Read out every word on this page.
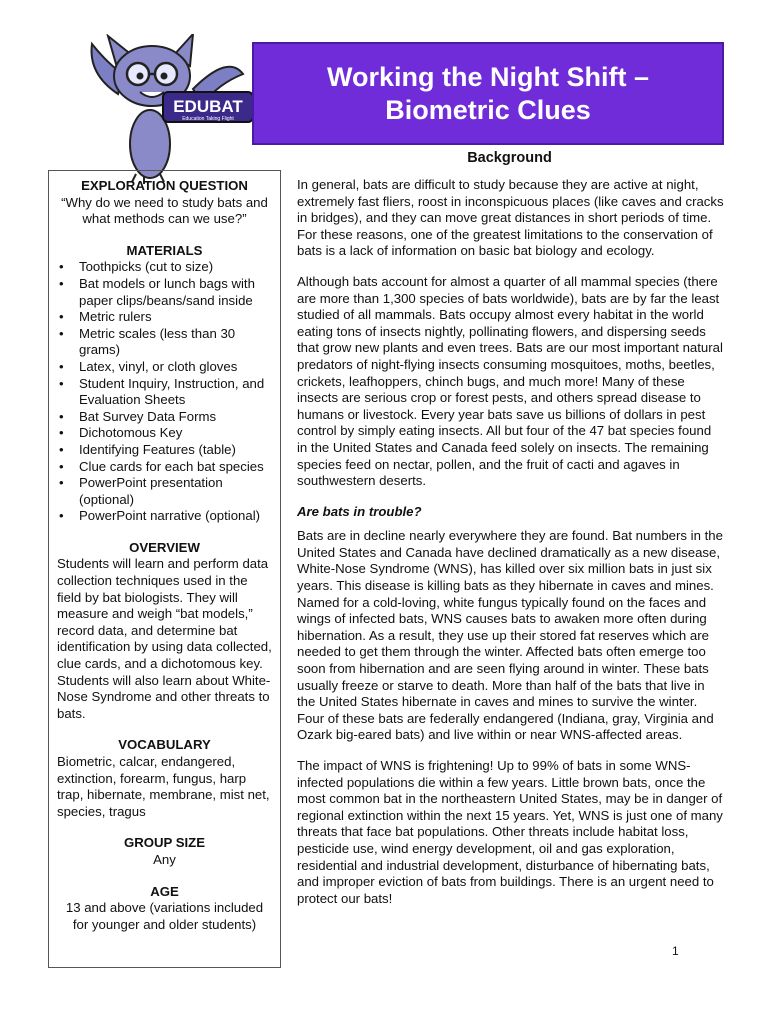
EDUBAT
Education Taking Flight
Working the Night Shift –
Biometric Clues
Background
EXPLORATION QUESTION
“Why do we need to study bats and what methods can we use?”
MATERIALS
• Toothpicks (cut to size)
• Bat models or lunch bags with paper clips/beans/sand inside
• Metric rulers
• Metric scales (less than 30 grams)
• Latex, vinyl, or cloth gloves
• Student Inquiry, Instruction, and Evaluation Sheets
• Bat Survey Data Forms
• Dichotomous Key
• Identifying Features (table)
• Clue cards for each bat species
• PowerPoint presentation (optional)
• PowerPoint narrative (optional)
OVERVIEW
Students will learn and perform data collection techniques used in the field by bat biologists. They will measure and weigh “bat models,” record data, and determine bat identification by using data collected, clue cards, and a dichotomous key. Students will also learn about White-Nose Syndrome and other threats to bats.
VOCABULARY
Biometric, calcar, endangered, extinction, forearm, fungus, harp trap, hibernate, membrane, mist net, species, tragus
GROUP SIZE
Any
AGE
13 and above (variations included for younger and older students)

In general, bats are difficult to study because they are active at night, extremely fast fliers, roost in inconspicuous places (like caves and cracks in bridges), and they can move great distances in short periods of time. For these reasons, one of the greatest limitations to the conservation of bats is a lack of information on basic bat biology and ecology.

Although bats account for almost a quarter of all mammal species (there are more than 1,300 species of bats worldwide), bats are by far the least studied of all mammals. Bats occupy almost every habitat in the world eating tons of insects nightly, pollinating flowers, and dispersing seeds that grow new plants and even trees. Bats are our most important natural predators of night-flying insects consuming mosquitoes, moths, beetles, crickets, leafhoppers, chinch bugs, and much more! Many of these insects are serious crop or forest pests, and others spread disease to humans or livestock. Every year bats save us billions of dollars in pest control by simply eating insects. All but four of the 47 bat species found in the United States and Canada feed solely on insects. The remaining species feed on nectar, pollen, and the fruit of cacti and agaves in southwestern deserts.

Are bats in trouble?

Bats are in decline nearly everywhere they are found. Bat numbers in the United States and Canada have declined dramatically as a new disease, White-Nose Syndrome (WNS), has killed over six million bats in just six years. This disease is killing bats as they hibernate in caves and mines. Named for a cold-loving, white fungus typically found on the faces and wings of infected bats, WNS causes bats to awaken more often during hibernation. As a result, they use up their stored fat reserves which are needed to get them through the winter. Affected bats often emerge too soon from hibernation and are seen flying around in winter. These bats usually freeze or starve to death. More than half of the bats that live in the United States hibernate in caves and mines to survive the winter. Four of these bats are federally endangered (Indiana, gray, Virginia and Ozark big-eared bats) and live within or near WNS-affected areas.

The impact of WNS is frightening! Up to 99% of bats in some WNS-infected populations die within a few years. Little brown bats, once the most common bat in the northeastern United States, may be in danger of regional extinction within the next 15 years. Yet, WNS is just one of many threats that face bat populations. Other threats include habitat loss, pesticide use, wind energy development, oil and gas exploration, residential and industrial development, disturbance of hibernating bats, and improper eviction of bats from buildings. There is an urgent need to protect our bats!

1
